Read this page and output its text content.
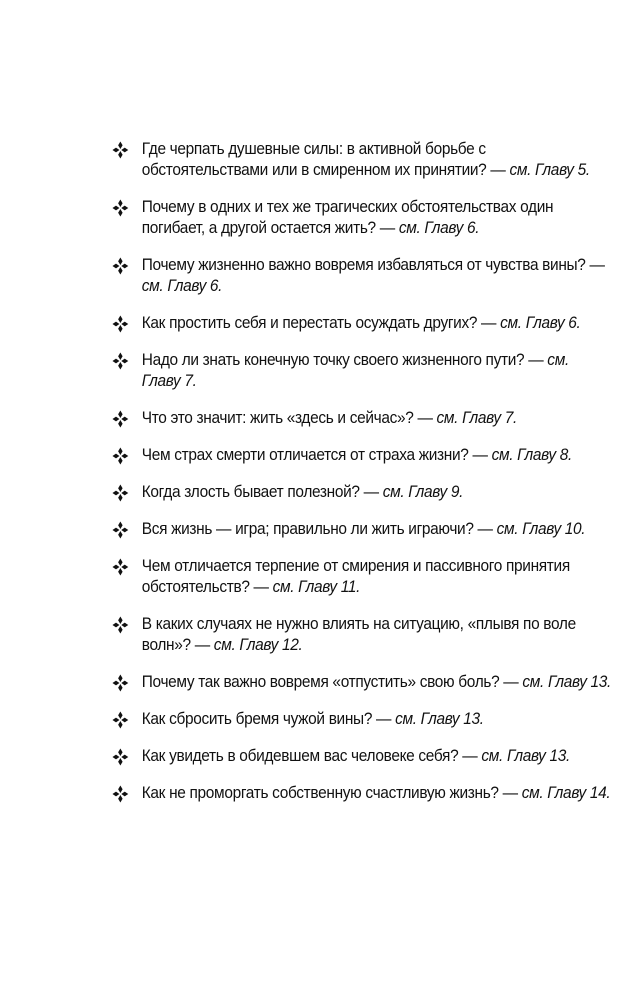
Где черпать душевные силы: в активной борьбе с обстоятельствами или в смиренном их принятии? — см. Главу 5.
Почему в одних и тех же трагических обстоятельствах один погибает, а другой остается жить? — см. Главу 6.
Почему жизненно важно вовремя избавляться от чувства вины? — см. Главу 6.
Как простить себя и перестать осуждать других? — см. Главу 6.
Надо ли знать конечную точку своего жизненного пути? — см. Главу 7.
Что это значит: жить «здесь и сейчас»? — см. Главу 7.
Чем страх смерти отличается от страха жизни? — см. Главу 8.
Когда злость бывает полезной? — см. Главу 9.
Вся жизнь — игра; правильно ли жить играючи? — см. Главу 10.
Чем отличается терпение от смирения и пассивного принятия обстоятельств? — см. Главу 11.
В каких случаях не нужно влиять на ситуацию, «плывя по воле волн»? — см. Главу 12.
Почему так важно вовремя «отпустить» свою боль? — см. Главу 13.
Как сбросить бремя чужой вины? — см. Главу 13.
Как увидеть в обидевшем вас человеке себя? — см. Главу 13.
Как не проморгать собственную счастливую жизнь? — см. Главу 14.
